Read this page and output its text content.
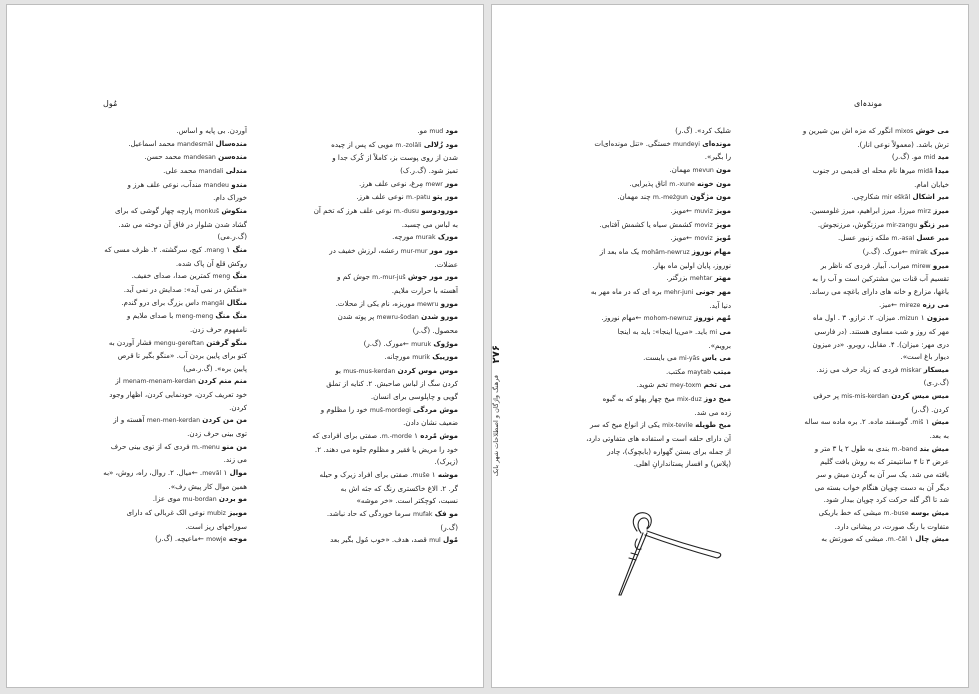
مُول
مود mud مو.
مود زُلالی m.-zolāli مویی که پس از چیده
شدن از روی پوست بز، کاملاً از کُرک جدا و
تمیز شود. (گ.ر.ک)
مور mewr مِرغ، نوعی علف هرز.
مور پتو m.-patu نوعی علف هرز.
مورودوسو m.-dusu نوعی علف هرز که تخم آن
به لباس می چسبد.
مورک murak مورچه.
مور مور mur-mur رعشه، لرزش خفیف در
عضلات.
مور مور جوش m.-mur-juš جوش کم و
آهسته با حرارت ملایم.
مورو mewru موریزه، نام یکی از محلات.
مورو شدن mewru-šodan پر پوته شدن
محصول. (گ.ر)
مورُوک muruk ←مورک. (گ.ر)
مورییک murik مورچانه.
موس موس کردن mus-mus-kerdan بو
کردن سگ از لباس صاحبش. ۲. کنایه از تملق
گویی و چاپلوسی برای انسان.
موش مردگی muš-mordegi خود را مظلوم و
ضعیف نشان دادن.
موش مُرده m.-morde ۱. صفتی برای افرادی که
خود را مریض یا فقیر و مظلوم جلوه می دهند. ۲.
(زیرک).
موشه muše ۱. صفتی برای افراد زیرک و حیله
گر. ۲. الاغ خاکستری رنگ که جثه اش به
نسبت، کوچکتر است. «خر موشه»
مو فک mufak سرما خوردگی که حاد نباشد.
(گ.ر)
مُول mul قصد، هدف. «خوب مُول بگیر بعد
آوردن. بی پایه و اساس.
منده‌سال mandesmāl محمد اسماعیل.
منده‌سن mandesan محمد حسن.
مندلی mandali محمد علی.
مندو mandeu مندآب، نوعی علف هرز و
خوراک دام.
منکوش monkuš پارچه چهار گوشی که برای
گشاد شدن شلوار در فاق آن دوخته می شد.
(گ.ر.می)
منگ mang ۱. کیج، سرگشته. ۲. ظرف مسی که
روکش قلع آن پاک شده.
منگ meng کمترین صدا، صدای خفیف.
«منگش در نمی آید»: صدایش در نمی آید.
منگال mangāl داس بزرگ برای درو گندم.
منگ منگ meng-meng با صدای ملایم و
نامفهوم حرف زدن.
منگو گرفتن mengu-gereftan فشار آوردن به
کتو برای پایین بردن آب. «منگو بگیر تا قرص
پایین بره». (گ.ر.می)
منم منم کردن menam-menam-kerdan از
خود تعریف کردن، خودنمایی کردن، اظهار وجود
کردن.
من من کردن men-men-kerdan آهسته و از
توی بینی حرف زدن.
من منو m.-menu فردی که از توی بینی حرف
می زند.
موال mevāl ۱. ←میال. ۲. روال، راه، روش، «به
همین موال کار پیش رف».
مو بردن mu-bordan موی عزا.
موبیز mubiz نوعی الک غربالی که دارای
سوراخهای ریز است.
موجه mowje ←ماعیچه. (گ.ر)
موندہ‌ای
می خوش mixos انگور که مزه اش بین شیرین و
ترش باشد. (معمولاً نوعی انار).
مید mid مو. (گ.ر)
میدا midā میرها نام محله ای قدیمی در جنوب
خیابان امام.
میر اشکال mir eškāl شکارچی.
میرز mirz میرزا. میرز ابراهیم، میرز غلومسین.
میر زنگو mir-zangu مرزنگوش، مرزنجوش.
میر عسل m.-asal ملکه زنبور عسل.
میرک mirak ←مورک. (گ.ر)
میرو mirew میراب. آبیار. فردی که ناظر بر
تقسیم آب قنات بین مشترکین است و آب را به
باغها، مزارع و خانه های دارای باغچه می رساند.
می رزه mireze ←میز.
میزون mizun ۱. میزان. ۲. ترازو. ۳ . اول ماه
مهر که روز و شب مساوی هستند. (در فارسی
دری مهر: میزان). ۴. مقابل، روبرو. «در میزون
دیوار باغ است».
میسکار miskar فردی که زیاد حرف می زند.
(گ.ر.ی)
میس میس کردن mis-mis-kerdan پر حرفی
کردن. (گ.ر)
میش miš ۱. گوسفند ماده. ۲. بره ماده سه ساله
به بعد.
میش بند m.-band بندی به طول ۲ یا ۳ متر و
عرض ۳ تا ۴ سانتیمتر که به روش بافت گلیم
بافته می شد. یک سر آن به گردن میش و سر
دیگر آن به دست چوپان هنگام خواب بسته می
شد تا اگر گله حرکت کرد چوپان بیدار شود.
میش بوسه m.-buse میشی که خط باریکی
متفاوت با رنگ صورت، در پیشانی دارد.
میش چال m.-čāl ۱. میشی که صورتش به
شلیک کرد». (گ.ر)
مونده‌ای mundeyi خستگی. «تنل مونده‌ای‌ات
را بگیر».
مون mevun مهمان.
مون خونه m.-xune اتاق پذیرایی.
مون مژگون m.-meżgun چند مهمان.
مویز muviz ←مویز.
مویز moviz کشمش سیاه یا کشمش آفتابی.
مُویز moviz ←مویز.
مهام نوروز mohām-newruz یک ماه بعد از
نوروز، پایان اولین ماه بهار.
مهتر mehtar بزرگتر.
مهر جونی mehr-juni بره ای که در ماه مهر به
دنیا آید.
مُهم نوروز mohom-newruz ←مهام نوروز.
می mi باید. «می‌یا اینجا»: باید به اینجا
برویم».
می یاس mi-yās می بایست.
میتب maytab مکتب.
می تخم mey-toxm تخم شوید.
میخ دوز mix-duz میخ چهار پهلو که به گیوه
زده می شد.
میخ طویله mix-tevile یکی از انواع میخ که سر
آن دارای حلقه است و استفاده های متفاوتی دارد،
از جمله برای بستن گهواره (بابچوک)، چادر
(پلاس) و افسار پستاندارانِ اهلی.
۲۷۶
فرهنگ واژگان و اصطلاحات شهر بابک
